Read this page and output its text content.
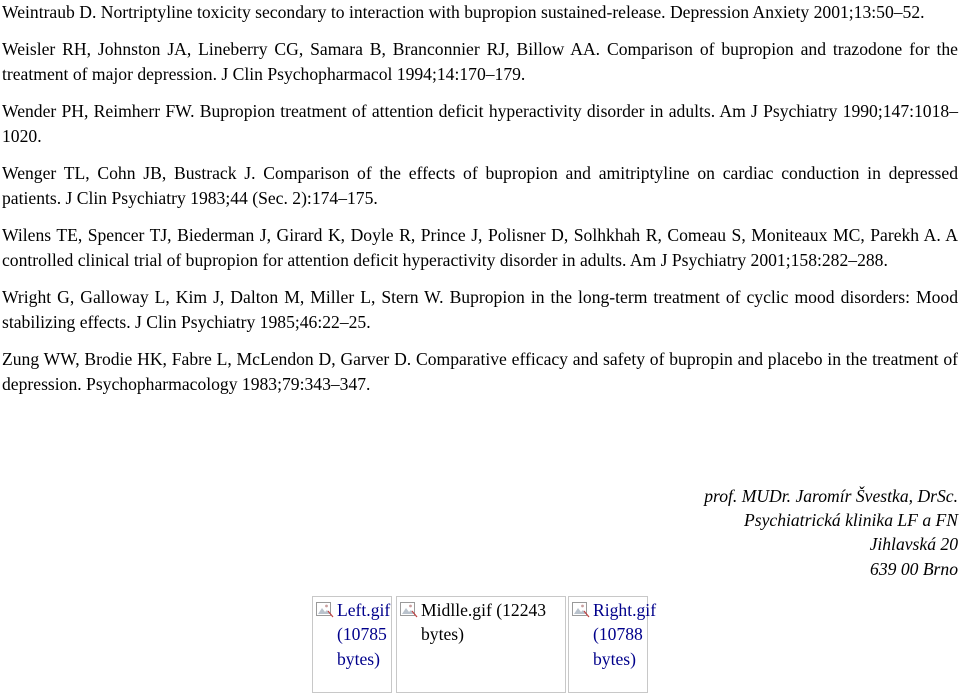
Weintraub D. Nortriptyline toxicity secondary to interaction with bupropion sustained-release. Depression Anxiety 2001;13:50–52.

Weisler RH, Johnston JA, Lineberry CG, Samara B, Branconnier RJ, Billow AA. Comparison of bupropion and trazodone for the treatment of major depression. J Clin Psychopharmacol 1994;14:170–179.

Wender PH, Reimherr FW. Bupropion treatment of attention deficit hyperactivity disorder in adults. Am J Psychiatry 1990;147:1018–1020.

Wenger TL, Cohn JB, Bustrack J. Comparison of the effects of bupropion and amitriptyline on cardiac conduction in depressed patients. J Clin Psychiatry 1983;44 (Sec. 2):174–175.

Wilens TE, Spencer TJ, Biederman J, Girard K, Doyle R, Prince J, Polisner D, Solhkhah R, Comeau S, Moniteaux MC, Parekh A. A controlled clinical trial of bupropion for attention deficit hyperactivity disorder in adults. Am J Psychiatry 2001;158:282–288.

Wright G, Galloway L, Kim J, Dalton M, Miller L, Stern W. Bupropion in the long-term treatment of cyclic mood disorders: Mood stabilizing effects. J Clin Psychiatry 1985;46:22–25.

Zung WW, Brodie HK, Fabre L, McLendon D, Garver D. Comparative efficacy and safety of bupropin and placebo in the treatment of depression. Psychopharmacology 1983;79:343–347.

prof. MUDr. Jaromír Švestka, DrSc.
Psychiatrická klinika LF a FN
Jihlavská 20
639 00 Brno
Left.gif
(10785
bytes)
Midlle.gif (12243
bytes)
Right.gif
(10788
bytes)
